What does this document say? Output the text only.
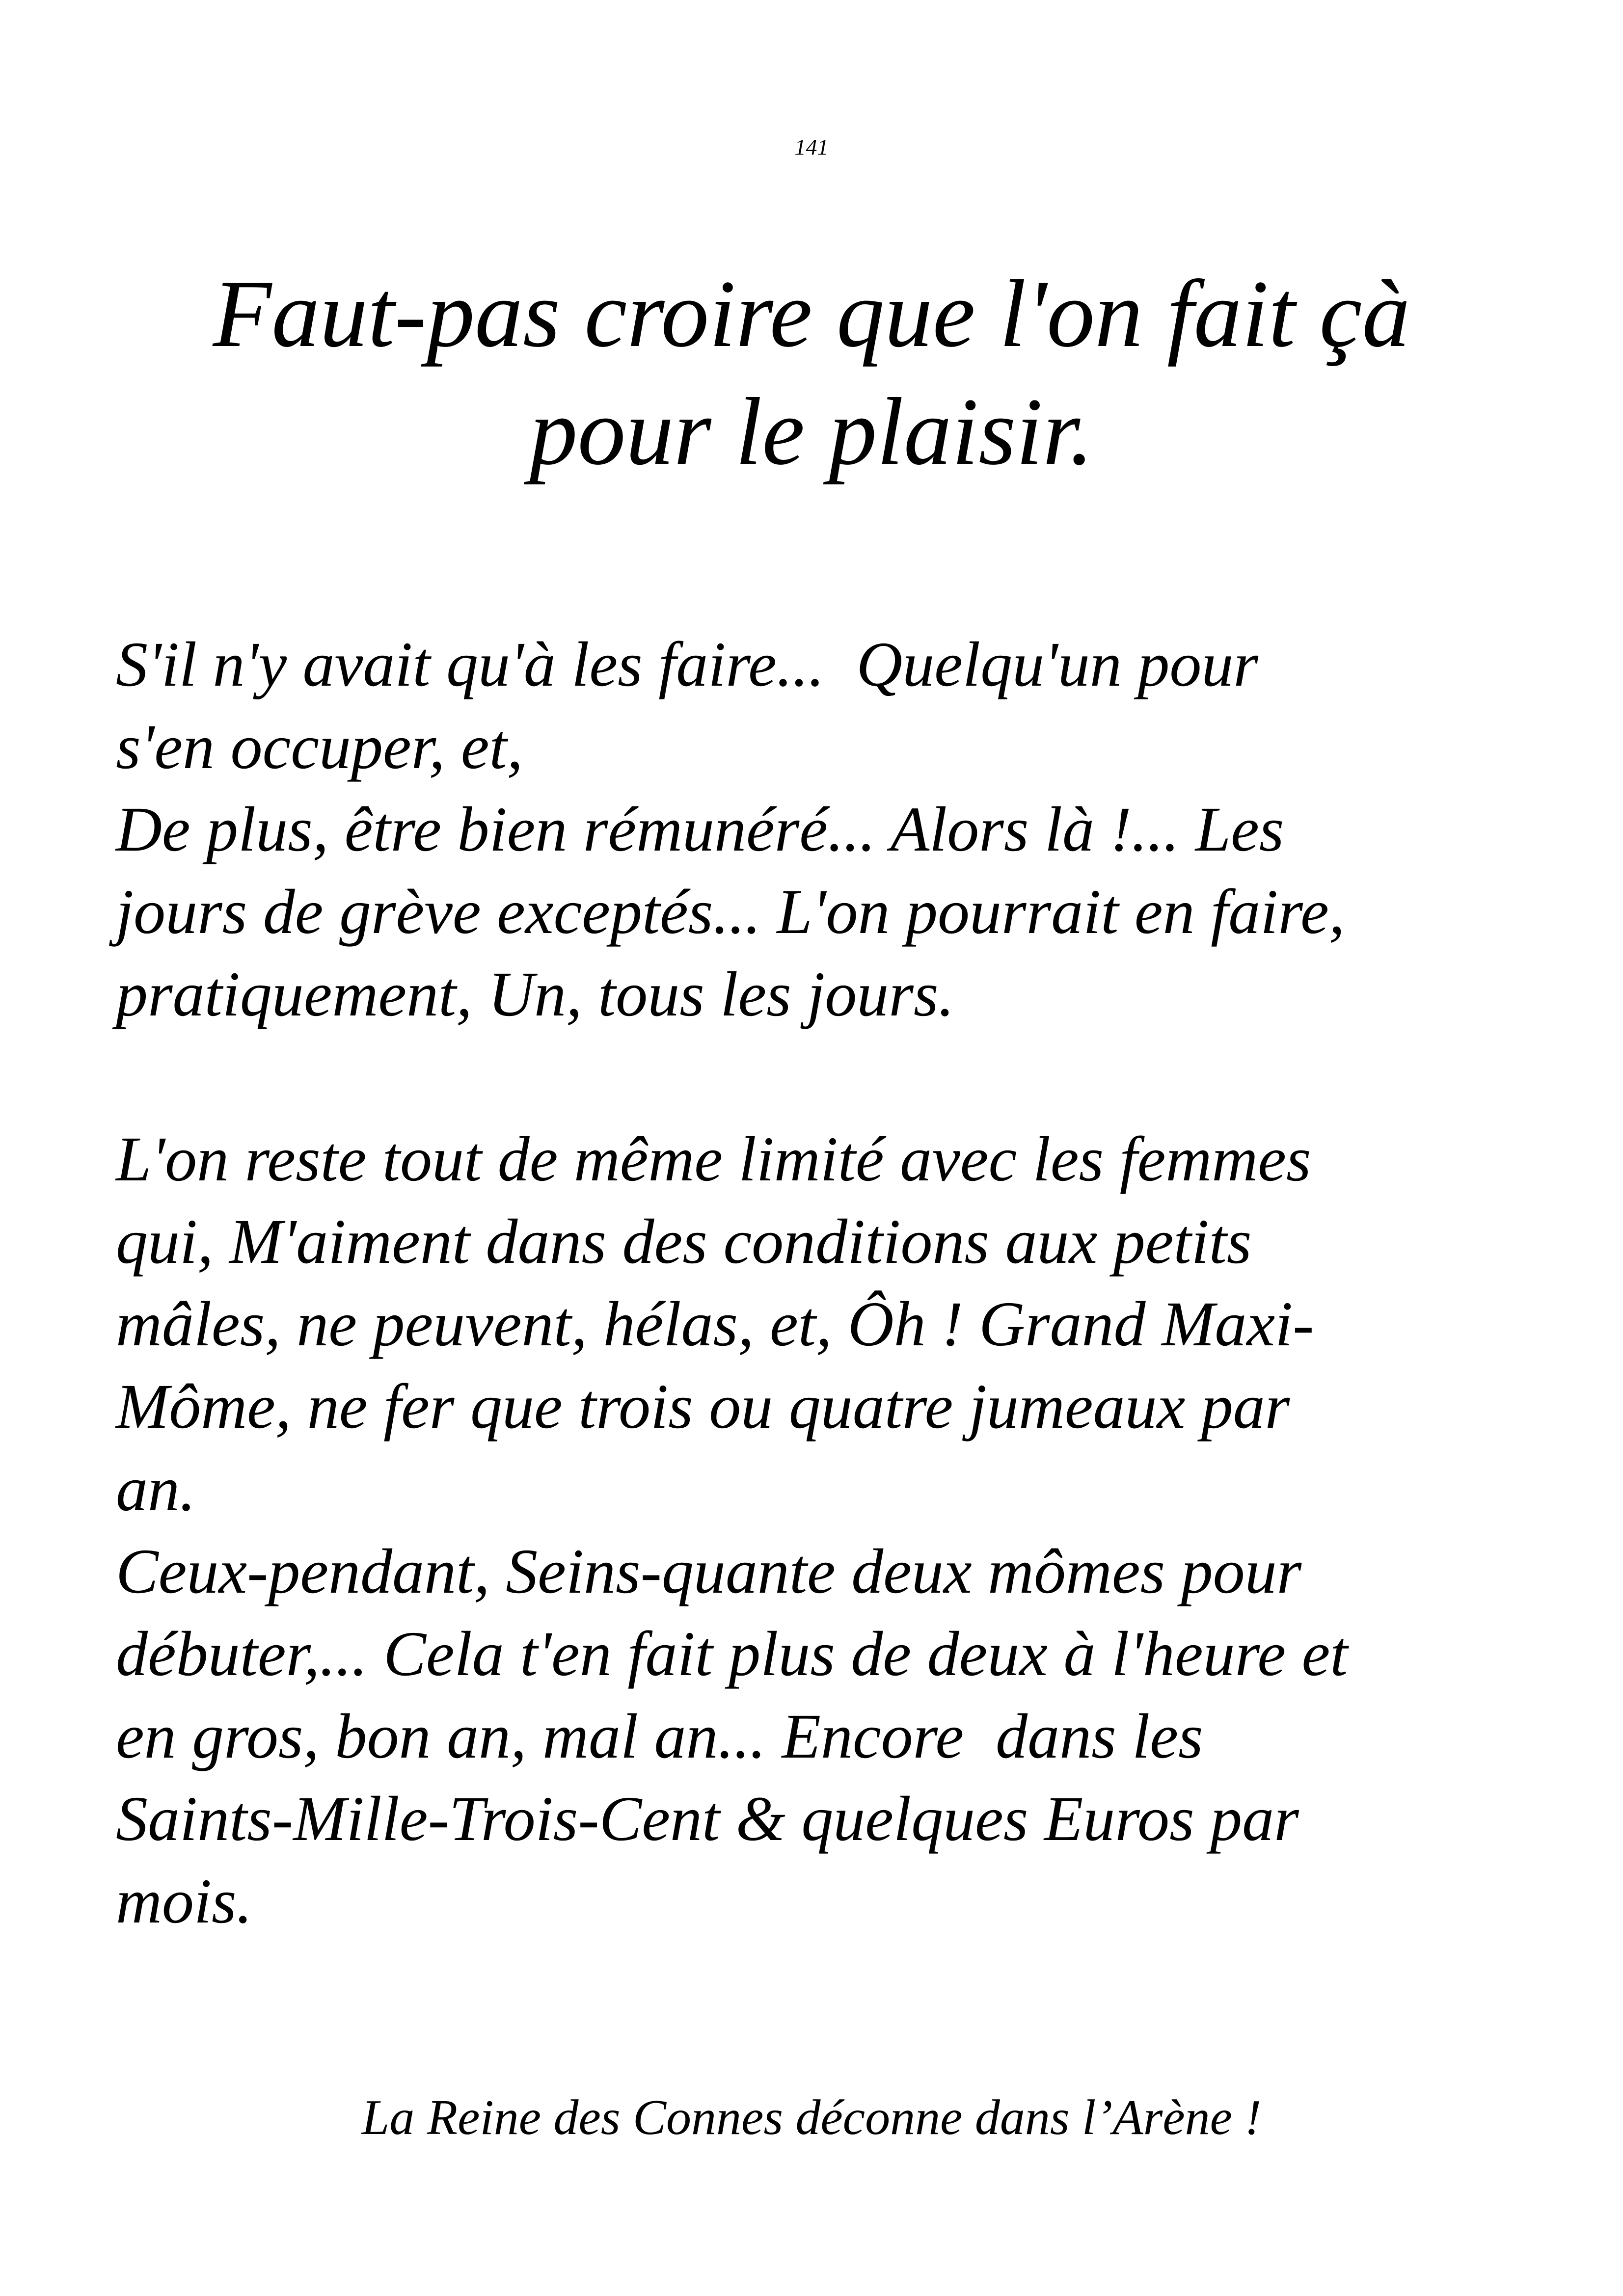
141
Faut-pas croire que l'on fait çà
pour le plaisir.
S'il n'y avait qu'à les faire...  Quelqu'un pour
s'en occuper, et,
De plus, être bien rémunéré... Alors là !... Les
jours de grève exceptés... L'on pourrait en faire,
pratiquement, Un, tous les jours.
L'on reste tout de même limité avec les femmes
qui, M'aiment dans des conditions aux petits
mâles, ne peuvent, hélas, et, Ôh ! Grand Maxi-
Môme, ne fer que trois ou quatre jumeaux par
an.
Ceux-pendant, Seins-quante deux mômes pour
débuter,... Cela t'en fait plus de deux à l'heure et
en gros, bon an, mal an... Encore  dans les
Saints-Mille-Trois-Cent & quelques Euros par
mois.
La Reine des Connes déconne dans l’Arène !
